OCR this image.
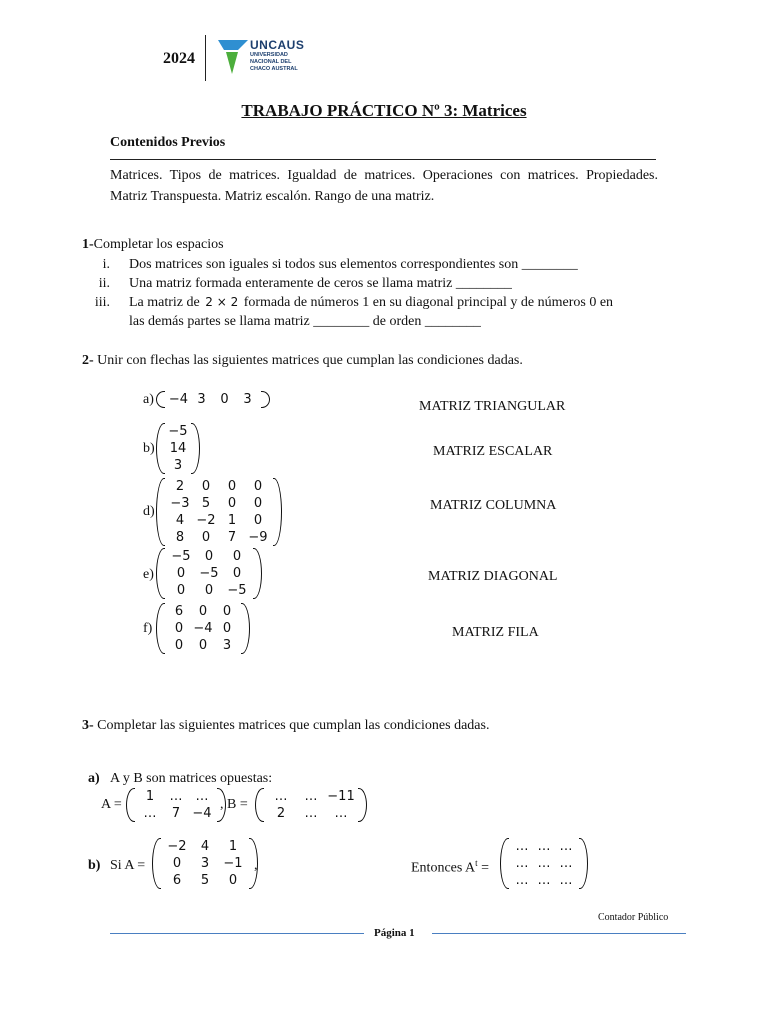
2024
UNCAUS
UNIVERSIDAD
NACIONAL DEL
CHACO AUSTRAL
TRABAJO PRÁCTICO Nº 3: Matrices
Contenidos Previos
Matrices. Tipos de matrices. Igualdad de matrices. Operaciones con matrices. Propiedades. Matriz Transpuesta. Matriz escalón. Rango de una matriz.
1-Completar los espacios
i. Dos matrices son iguales si todos sus elementos correspondientes son ________
ii. Una matriz formada enteramente de ceros se llama matriz ________
iii. La matriz de 2 × 2 formada de números 1 en su diagonal principal y de números 0 en
las demás partes se llama matriz ________ de orden ________
2- Unir con flechas las siguientes matrices que cumplan las condiciones dadas.
a) −4 3	0	3
b)
−5
14
3
d)
2	0	0	0
−3 5	0	0
4 −2 1	0
8	0	7 −9
e)
−5	0	0
0	−5	0
0	0	−5
f)
6	0	0
0 −4 0
0	0	3
MATRIZ TRIANGULAR
MATRIZ ESCALAR
MATRIZ COLUMNA
MATRIZ DIAGONAL
MATRIZ FILA
3- Completar las siguientes matrices que cumplan las condiciones dadas.
a) A y B son matrices opuestas:
A =
1	…	…
…	7 −4
, B =
…	… −11
2	…	…
b) Si A =
−2	4	1
0	3	−1
6	5	0
,	Entonces $A^t$ =
… … …
… … …
… … …
Contador Público
Página 1
